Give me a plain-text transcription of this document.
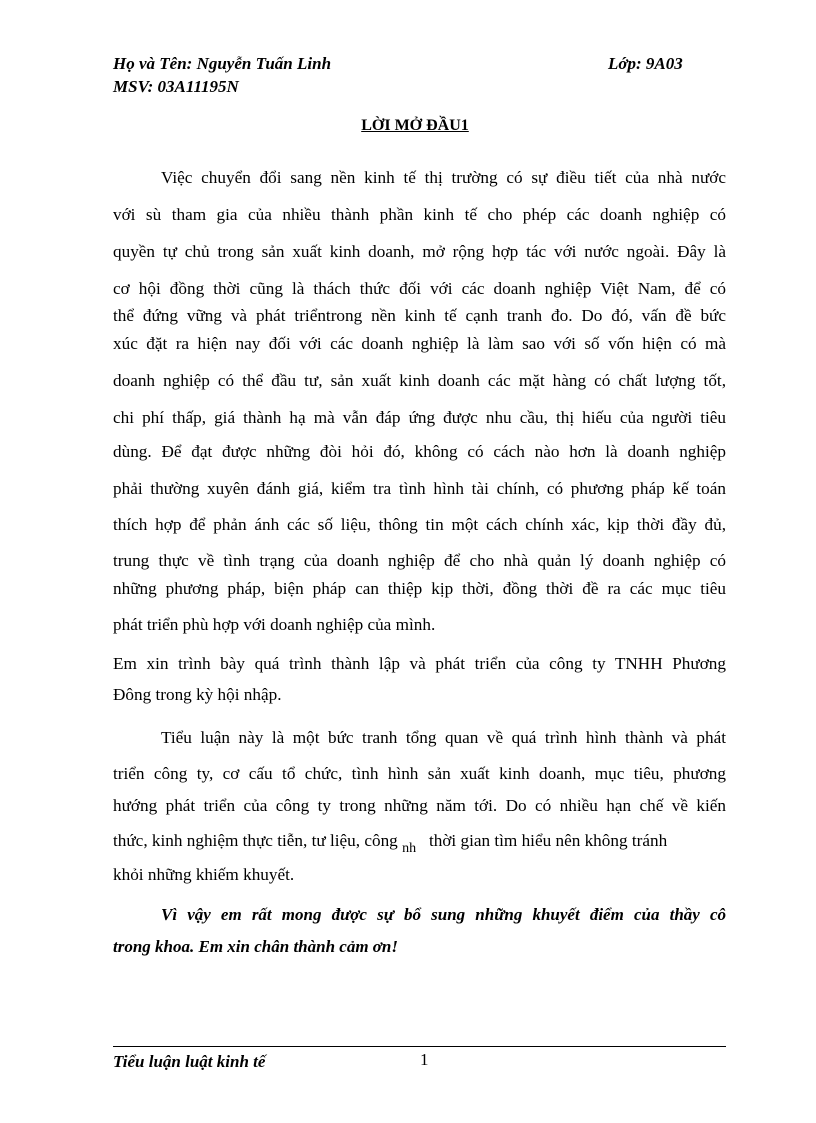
Họ và Tên: Nguyễn Tuấn Linh	Lớp: 9A03
MSV: 03A11195N
LỜI MỞ ĐẦU1
Việc chuyển đổi sang nền kinh tế thị trường có sự điều tiết của nhà nước
với sù tham gia của nhiều thành phần kinh tế cho phép các doanh nghiệp có
quyền tự chủ trong sản xuất kinh doanh, mở rộng hợp tác với nước ngoài. Đây là
cơ hội đồng thời cũng là thách thức đối với các doanh nghiệp Việt Nam, để có
thể đứng vững và phát triểntrong nền kinh tế cạnh tranh đo. Do đó, vấn đề bức
xúc đặt ra hiện nay đối với các doanh nghiệp là làm sao với số vốn hiện có mà
doanh nghiệp có thể đầu tư, sản xuất kinh doanh các mặt hàng có chất lượng tốt,
chi phí thấp, giá thành hạ mà vẫn đáp ứng được nhu cầu, thị hiếu của người tiêu
dùng. Để đạt được những đòi hỏi đó, không có cách nào hơn là doanh nghiệp
phải thường xuyên đánh giá, kiểm tra tình hình tài chính, có phương pháp kế toán
thích hợp để phản ánh các số liệu, thông tin một cách chính xác, kịp thời đầy đủ,
trung thực về tình trạng của doanh nghiệp để cho nhà quản lý doanh nghiệp có
những phương pháp, biện pháp can thiệp kịp thời, đồng thời đề ra các mục tiêu
phát triển phù hợp với doanh nghiệp của mình.
Em xin trình bày quá trình thành lập và phát triển của công ty TNHH Phương
Đông trong kỳ hội nhập.
Tiểu luận này là một bức tranh tổng quan về quá trình hình thành và phát
triển công ty, cơ cấu tổ chức, tình hình sản xuất kinh doanh, mục tiêu, phương
hướng phát triển của công ty trong những năm tới. Do có nhiều hạn chế về kiến
thức, kinh nghiệm thực tiễn, tư liệu, công $_{nh}$ thời gian tìm hiểu nên không tránh
khỏi những khiếm khuyết.
Vì vậy em rất mong được sự bổ sung những khuyết điểm của thầy cô
trong khoa. Em xin chân thành cảm ơn!
Tiểu luận luật kinh tế	1
